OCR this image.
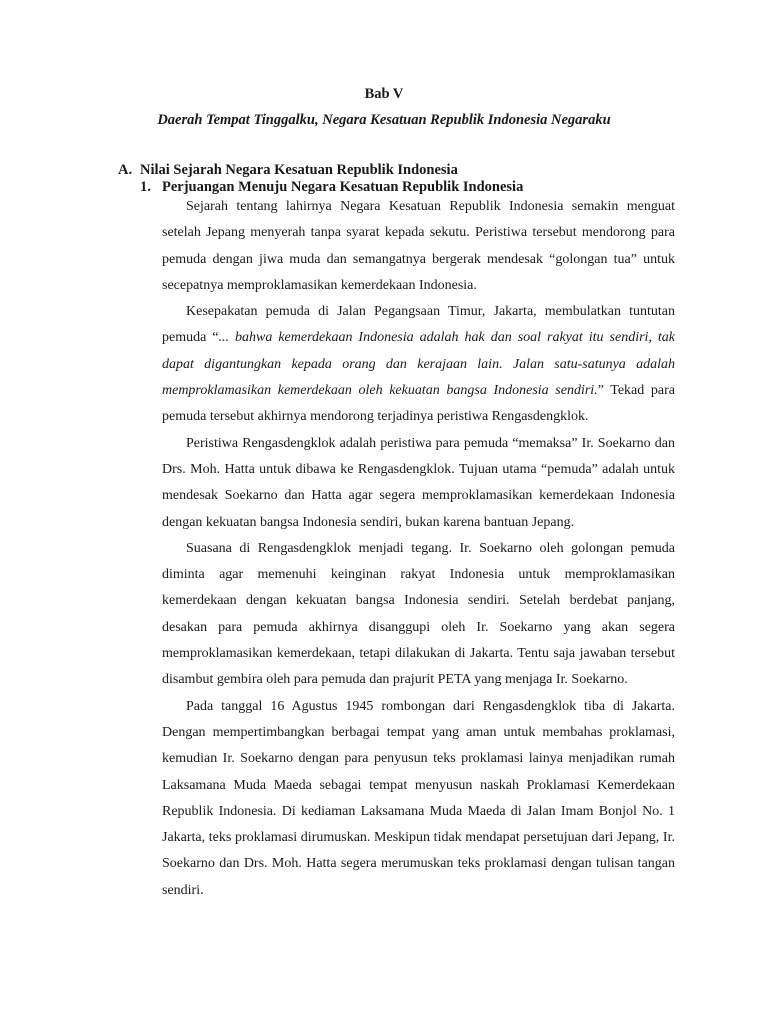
Bab V
Daerah Tempat Tinggalku, Negara Kesatuan Republik Indonesia Negaraku
A. Nilai Sejarah Negara Kesatuan Republik Indonesia
1. Perjuangan Menuju Negara Kesatuan Republik Indonesia

Sejarah tentang lahirnya Negara Kesatuan Republik Indonesia semakin menguat setelah Jepang menyerah tanpa syarat kepada sekutu. Peristiwa tersebut mendorong para pemuda dengan jiwa muda dan semangatnya bergerak mendesak “golongan tua” untuk secepatnya memproklamasikan kemerdekaan Indonesia.

Kesepakatan pemuda di Jalan Pegangsaan Timur, Jakarta, membulatkan tuntutan pemuda “... bahwa kemerdekaan Indonesia adalah hak dan soal rakyat itu sendiri, tak dapat digantungkan kepada orang dan kerajaan lain. Jalan satu-satunya adalah memproklamasikan kemerdekaan oleh kekuatan bangsa Indonesia sendiri.” Tekad para pemuda tersebut akhirnya mendorong terjadinya peristiwa Rengasdengklok.

Peristiwa Rengasdengklok adalah peristiwa para pemuda “memaksa” Ir. Soekarno dan Drs. Moh. Hatta untuk dibawa ke Rengasdengklok. Tujuan utama “pemuda” adalah untuk mendesak Soekarno dan Hatta agar segera memproklamasikan kemerdekaan Indonesia dengan kekuatan bangsa Indonesia sendiri, bukan karena bantuan Jepang.

Suasana di Rengasdengklok menjadi tegang. Ir. Soekarno oleh golongan pemuda diminta agar memenuhi keinginan rakyat Indonesia untuk memproklamasikan kemerdekaan dengan kekuatan bangsa Indonesia sendiri. Setelah berdebat panjang, desakan para pemuda akhirnya disanggupi oleh Ir. Soekarno yang akan segera memproklamasikan kemerdekaan, tetapi dilakukan di Jakarta. Tentu saja jawaban tersebut disambut gembira oleh para pemuda dan prajurit PETA yang menjaga Ir. Soekarno.

Pada tanggal 16 Agustus 1945 rombongan dari Rengasdengklok tiba di Jakarta. Dengan mempertimbangkan berbagai tempat yang aman untuk membahas proklamasi, kemudian Ir. Soekarno dengan para penyusun teks proklamasi lainya menjadikan rumah Laksamana Muda Maeda sebagai tempat menyusun naskah Proklamasi Kemerdekaan Republik Indonesia. Di kediaman Laksamana Muda Maeda di Jalan Imam Bonjol No. 1 Jakarta, teks proklamasi dirumuskan. Meskipun tidak mendapat persetujuan dari Jepang, Ir. Soekarno dan Drs. Moh. Hatta segera merumuskan teks proklamasi dengan tulisan tangan sendiri.
